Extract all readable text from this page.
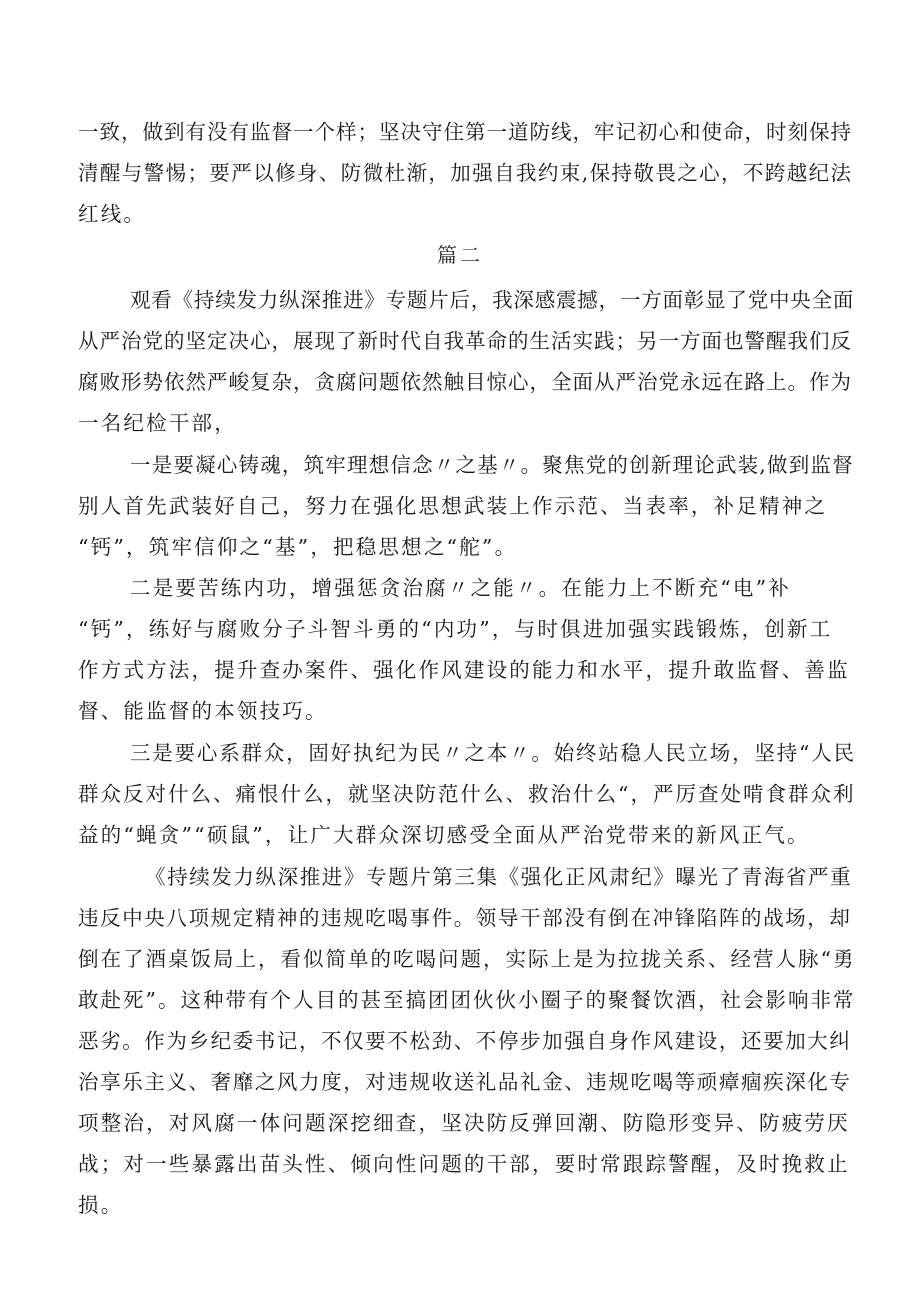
一致，做到有没有监督一个样；坚决守住第一道防线，牢记初心和使命，时刻保持
清醒与警惕；要严以修身、防微杜渐，加强自我约束,保持敬畏之心，不跨越纪法
红线。
篇二
观看《持续发力纵深推进》专题片后，我深感震撼，一方面彰显了党中央全面
从严治党的坚定决心，展现了新时代自我革命的生活实践；另一方面也警醒我们反
腐败形势依然严峻复杂，贪腐问题依然触目惊心，全面从严治党永远在路上。作为
一名纪检干部，
一是要凝心铸魂，筑牢理想信念〃之基〃。聚焦党的创新理论武装,做到监督
别人首先武装好自己，努力在强化思想武装上作示范、当表率，补足精神之
“钙”，筑牢信仰之“基”，把稳思想之“舵”。
二是要苦练内功，增强惩贪治腐〃之能〃。在能力上不断充“电”补
“钙”，练好与腐败分子斗智斗勇的“内功”，与时俱进加强实践锻炼，创新工
作方式方法，提升查办案件、强化作风建设的能力和水平，提升敢监督、善监
督、能监督的本领技巧。
三是要心系群众，固好执纪为民〃之本〃。始终站稳人民立场，坚持“人民
群众反对什么、痛恨什么，就坚决防范什么、救治什么“，严厉查处啃食群众利
益的“蝇贪”“硕鼠”，让广大群众深切感受全面从严治党带来的新风正气。
《持续发力纵深推进》专题片第三集《强化正风肃纪》曝光了青海省严重
违反中央八项规定精神的违规吃喝事件。领导干部没有倒在冲锋陷阵的战场，却
倒在了酒桌饭局上，看似简单的吃喝问题，实际上是为拉拢关系、经营人脉“勇
敢赴死”。这种带有个人目的甚至搞团团伙伙小圈子的聚餐饮酒，社会影响非常
恶劣。作为乡纪委书记，不仅要不松劲、不停步加强自身作风建设，还要加大纠
治享乐主义、奢靡之风力度，对违规收送礼品礼金、违规吃喝等顽瘴痼疾深化专
项整治，对风腐一体问题深挖细查，坚决防反弹回潮、防隐形变异、防疲劳厌
战；对一些暴露出苗头性、倾向性问题的干部，要时常跟踪警醒，及时挽救止
损。
